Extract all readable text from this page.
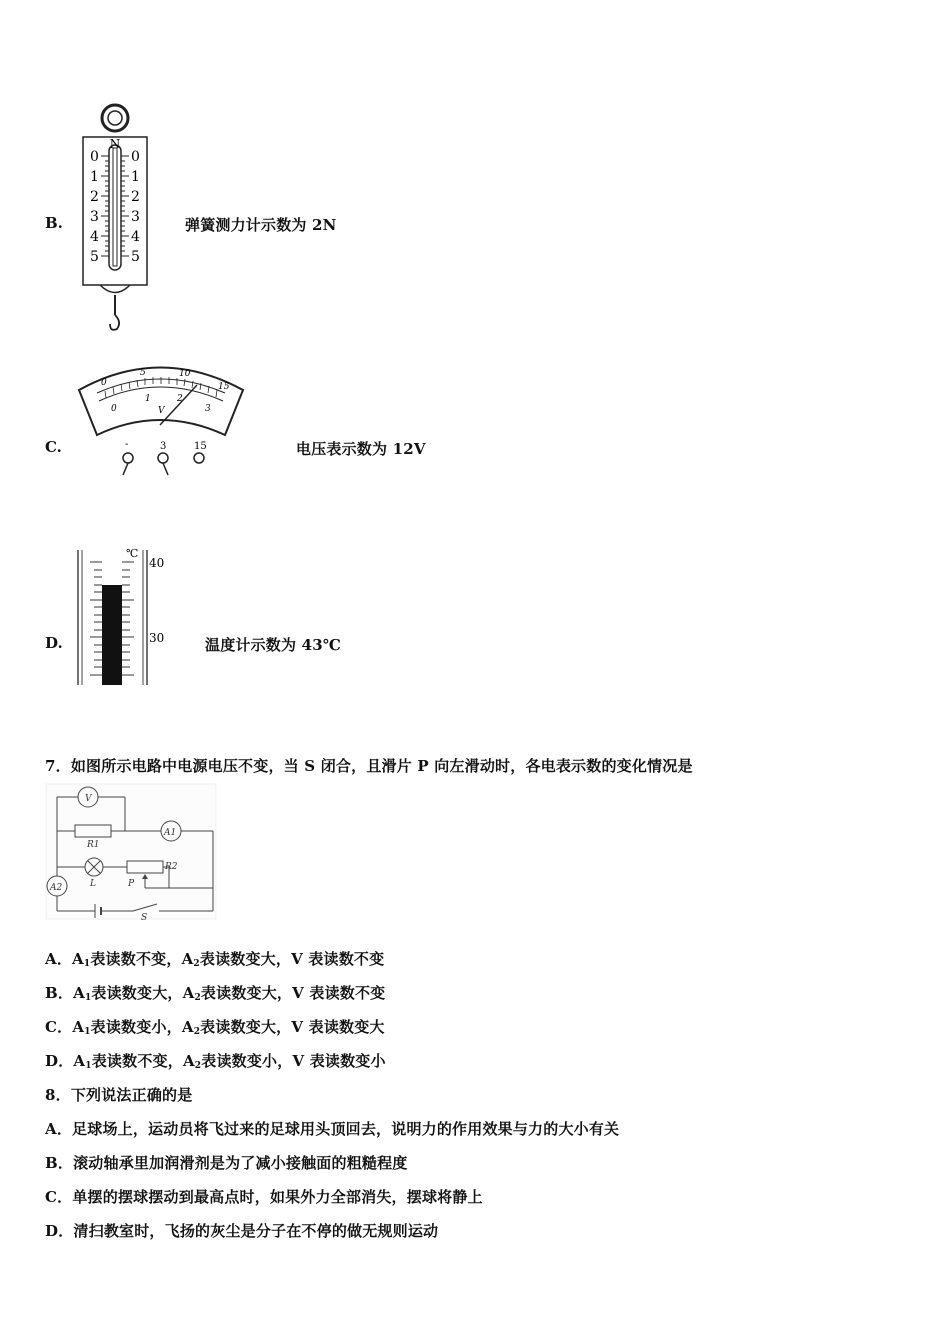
B.
N
0
1
2
3
4
5
0
1
2
3
4
5
弹簧测力计示数为 2N
C.
0
5	10
15
0
1	2
3
V
-	3	15	电压表示数为 12V
D.
℃
40
30	温度计示数为 43℃
7．如图所示电路中电源电压不变，当 S 闭合，且滑片 P 向左滑动时，各电表示数的变化情况是
V
A1
A2
R1
R2
L	P
S
A．$A_1$表读数不变，$A_2$表读数变大，V 表读数不变
B．$A_1$表读数变大，$A_2$表读数变大，V 表读数不变
C．$A_1$表读数变小，$A_2$表读数变大，V 表读数变大
D．$A_1$表读数不变，$A_2$表读数变小，V 表读数变小
8．下列说法正确的是
A．足球场上，运动员将飞过来的足球用头顶回去，说明力的作用效果与力的大小有关
B．滚动轴承里加润滑剂是为了减小接触面的粗糙程度
C．单摆的摆球摆动到最高点时，如果外力全部消失，摆球将静上
D．清扫教室时，飞扬的灰尘是分子在不停的做无规则运动
